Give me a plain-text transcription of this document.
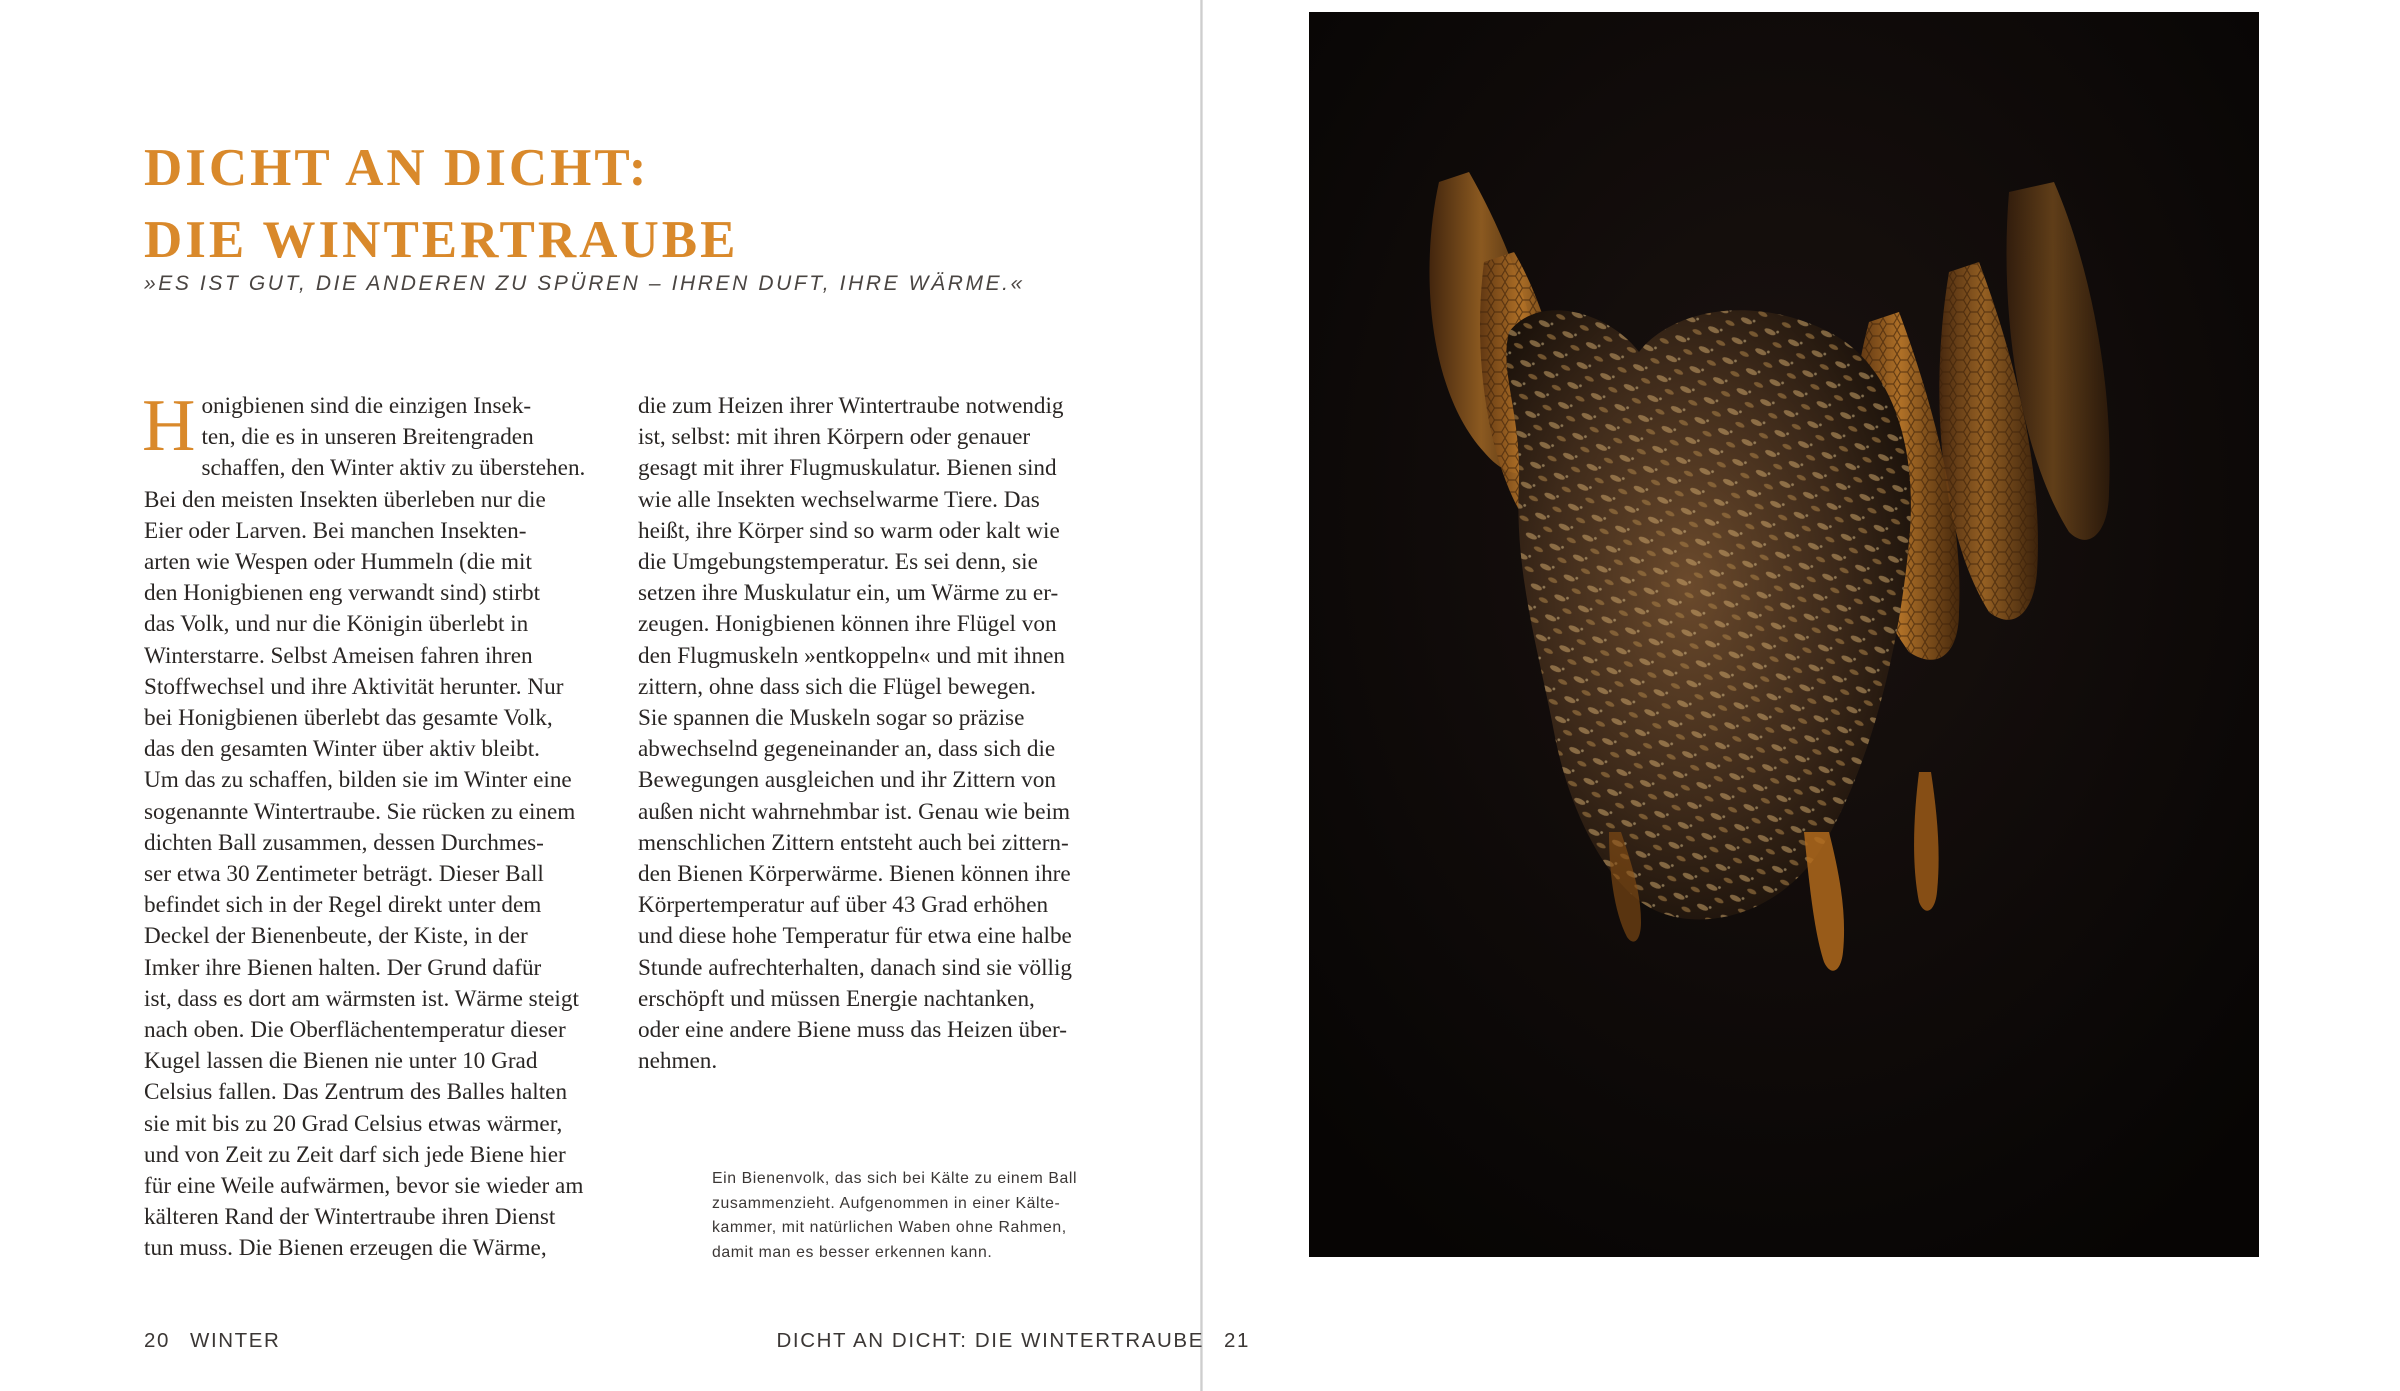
DICHT AN DICHT:
DIE WINTERTRAUBE
»ES IST GUT, DIE ANDEREN ZU SPÜREN – IHREN DUFT, IHRE WÄRME.«
H onigbienen sind die einzigen Insek-
ten, die es in unseren Breitengraden
schaffen, den Winter aktiv zu überstehen.
Bei den meisten Insekten überleben nur die
Eier oder Larven. Bei manchen Insekten-
arten wie Wespen oder Hummeln (die mit
den Honigbienen eng verwandt sind) stirbt
das Volk, und nur die Königin überlebt in
Winterstarre. Selbst Ameisen fahren ihren
Stoffwechsel und ihre Aktivität herunter. Nur
bei Honigbienen überlebt das gesamte Volk,
das den gesamten Winter über aktiv bleibt.
Um das zu schaffen, bilden sie im Winter eine
sogenannte Wintertraube. Sie rücken zu einem
dichten Ball zusammen, dessen Durchmes-
ser etwa 30 Zentimeter beträgt. Dieser Ball
befindet sich in der Regel direkt unter dem
Deckel der Bienenbeute, der Kiste, in der
Imker ihre Bienen halten. Der Grund dafür
ist, dass es dort am wärmsten ist. Wärme steigt
nach oben. Die Oberflächentemperatur dieser
Kugel lassen die Bienen nie unter 10 Grad
Celsius fallen. Das Zentrum des Balles halten
sie mit bis zu 20 Grad Celsius etwas wärmer,
und von Zeit zu Zeit darf sich jede Biene hier
für eine Weile aufwärmen, bevor sie wieder am
kälteren Rand der Wintertraube ihren Dienst
tun muss. Die Bienen erzeugen die Wärme,
die zum Heizen ihrer Wintertraube notwendig
ist, selbst: mit ihren Körpern oder genauer
gesagt mit ihrer Flugmuskulatur. Bienen sind
wie alle Insekten wechselwarme Tiere. Das
heißt, ihre Körper sind so warm oder kalt wie
die Umgebungstemperatur. Es sei denn, sie
setzen ihre Muskulatur ein, um Wärme zu er-
zeugen. Honigbienen können ihre Flügel von
den Flugmuskeln »entkoppeln« und mit ihnen
zittern, ohne dass sich die Flügel bewegen.
Sie spannen die Muskeln sogar so präzise
abwechselnd gegeneinander an, dass sich die
Bewegungen ausgleichen und ihr Zittern von
außen nicht wahrnehmbar ist. Genau wie beim
menschlichen Zittern entsteht auch bei zittern-
den Bienen Körperwärme. Bienen können ihre
Körpertemperatur auf über 43 Grad erhöhen
und diese hohe Temperatur für etwa eine halbe
Stunde aufrechterhalten, danach sind sie völlig
erschöpft und müssen Energie nachtanken,
oder eine andere Biene muss das Heizen über-
nehmen.
Ein Bienenvolk, das sich bei Kälte zu einem Ball
zusammenzieht. Aufgenommen in einer Kälte-
kammer, mit natürlichen Waben ohne Rahmen,
damit man es besser erkennen kann.
20 WINTER	DICHT AN DICHT: DIE WINTERTRAUBE 21
